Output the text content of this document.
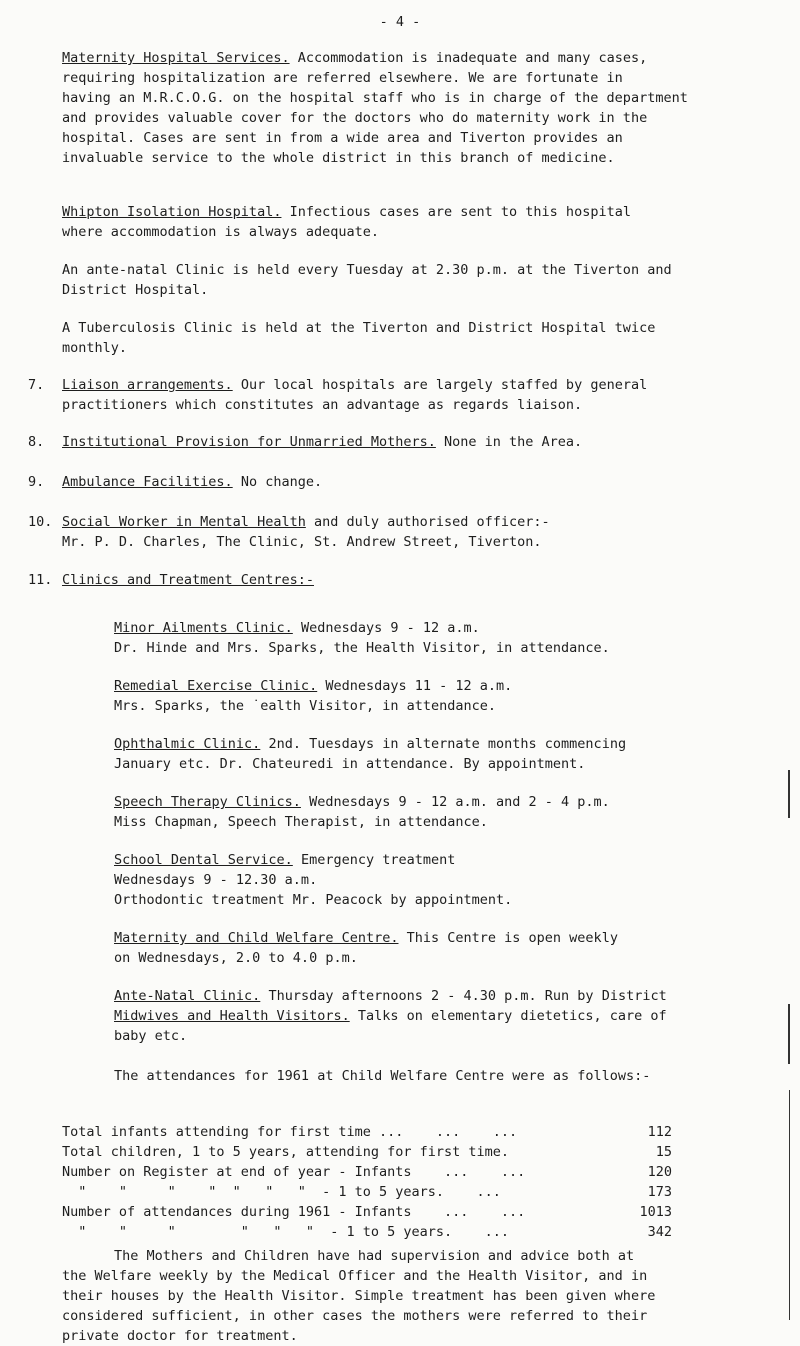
- 4 -
Maternity Hospital Services. Accommodation is inadequate and many cases,
requiring hospitalization are referred elsewhere. We are fortunate in
having an M.R.C.O.G. on the hospital staff who is in charge of the department
and provides valuable cover for the doctors who do maternity work in the
hospital. Cases are sent in from a wide area and Tiverton provides an
invaluable service to the whole district in this branch of medicine.
Whipton Isolation Hospital. Infectious cases are sent to this hospital
where accommodation is always adequate.
An ante-natal Clinic is held every Tuesday at 2.30 p.m. at the Tiverton and
District Hospital.
A Tuberculosis Clinic is held at the Tiverton and District Hospital twice
monthly.
7. Liaison arrangements. Our local hospitals are largely staffed by general
practitioners which constitutes an advantage as regards liaison.
8. Institutional Provision for Unmarried Mothers. None in the Area.
9. Ambulance Facilities. No change.
10. Social Worker in Mental Health and duly authorised officer:-
Mr. P. D. Charles, The Clinic, St. Andrew Street, Tiverton.
11. Clinics and Treatment Centres:-
Minor Ailments Clinic. Wednesdays 9 - 12 a.m.
Dr. Hinde and Mrs. Sparks, the Health Visitor, in attendance.
Remedial Exercise Clinic. Wednesdays 11 - 12 a.m.
Mrs. Sparks, the ˙ealth Visitor, in attendance.
Ophthalmic Clinic. 2nd. Tuesdays in alternate months commencing
January etc. Dr. Chateuredi in attendance. By appointment.
Speech Therapy Clinics. Wednesdays 9 - 12 a.m. and 2 - 4 p.m.
Miss Chapman, Speech Therapist, in attendance.
School Dental Service. Emergency treatment
Wednesdays 9 - 12.30 a.m.
Orthodontic treatment Mr. Peacock by appointment.
Maternity and Child Welfare Centre. This Centre is open weekly
on Wednesdays, 2.0 to 4.0 p.m.
Ante-Natal Clinic. Thursday afternoons 2 - 4.30 p.m. Run by District
Midwives and Health Visitors. Talks on elementary dietetics, care of
baby etc.
The attendances for 1961 at Child Welfare Centre were as follows:-
Total infants attending for first time ...    ...    ...	112
Total children, 1 to 5 years, attending for first time.	15
Number on Register at end of year - Infants    ...    ...	120
"    "     "    "  "   "   "  - 1 to 5 years.    ...	173
Number of attendances during 1961 - Infants    ...    ...	1013
"    "     "        "   "   "  - 1 to 5 years.    ...	342
The Mothers and Children have had supervision and advice both at
the Welfare weekly by the Medical Officer and the Health Visitor, and in
their houses by the Health Visitor. Simple treatment has been given where
considered sufficient, in other cases the mothers were referred to their
private doctor for treatment.
